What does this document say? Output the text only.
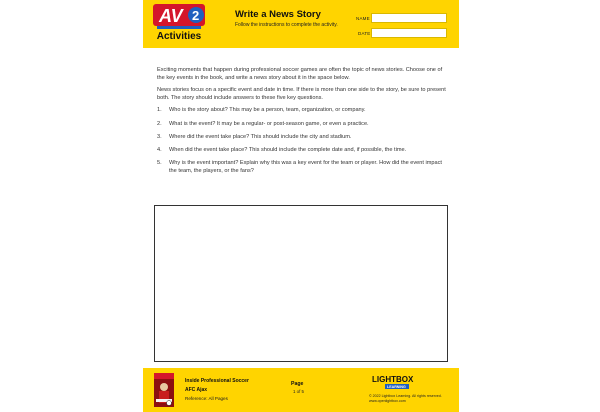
AV 2
Activities
Write a News Story
Follow the instructions to complete the activity.
NAME
DATE

Exciting moments that happen during professional soccer games are often the topic of news stories. Choose one of the key events in the book, and write a news story about it in the space below.

News stories focus on a specific event and date in time. If there is more than one side to the story, be sure to present both. The story should include answers to these five key questions.

1.	Who is the story about? This may be a person, team, organization, or company.
2.	What is the event? It may be a regular- or post-season game, or even a practice.
3.	Where did the event take place? This should include the city and stadium.
4.	When did the event take place? This should include the complete date and, if possible, the time.
5.	Why is the event important? Explain why this was a key event for the team or player. How did the event impact the team, the players, or the fans?
Inside Professional Soccer
AFC Ajax
Reference: All Pages
Page
1 of 5
LIGHTBOX
LEARNING
© 2022 Lightbox Learning. All rights reserved.
www.openlightbox.com
